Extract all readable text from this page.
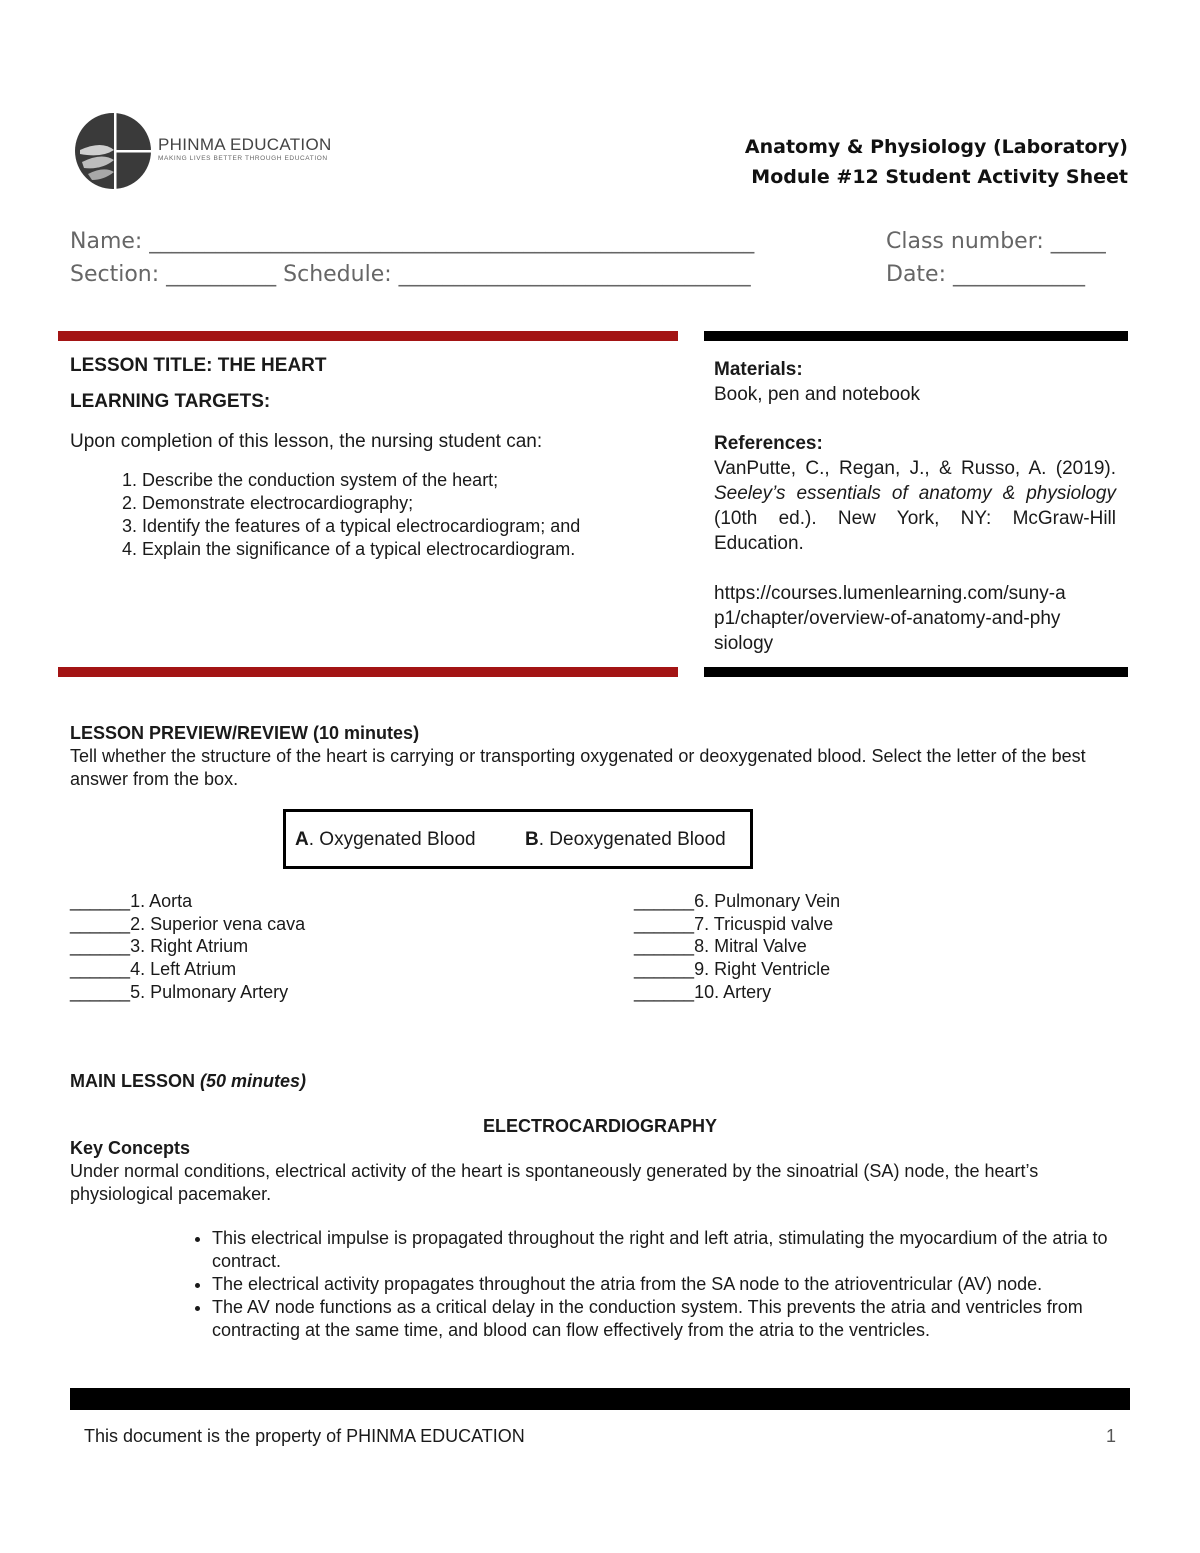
PHINMA EDUCATION
MAKING LIVES BETTER THROUGH EDUCATION
Anatomy & Physiology (Laboratory)
Module #12 Student Activity Sheet
Name: _______________________________________________________	Class number: _____
Section: __________ Schedule: ________________________________	Date: ____________

LESSON TITLE: THE HEART

LEARNING TARGETS:

Upon completion of this lesson, the nursing student can:

1. Describe the conduction system of the heart;
2. Demonstrate electrocardiography;
3. Identify the features of a typical electrocardiogram; and
4. Explain the significance of a typical electrocardiogram.
Materials:
Book, pen and notebook
References:
VanPutte, C., Regan, J., & Russo, A. (2019). Seeley’s essentials of anatomy & physiology (10th ed.). New York, NY: McGraw-Hill Education.
https://courses.lumenlearning.com/suny-a
p1/chapter/overview-of-anatomy-and-phy
siology
LESSON PREVIEW/REVIEW (10 minutes)
Tell whether the structure of the heart is carrying or transporting oxygenated or deoxygenated blood. Select the letter of the best answer from the box.
A. Oxygenated Blood	B. Deoxygenated Blood
______1. Aorta
______2. Superior vena cava
______3. Right Atrium
______4. Left Atrium
______5. Pulmonary Artery
______6. Pulmonary Vein
______7. Tricuspid valve
______8. Mitral Valve
______9. Right Ventricle
______10. Artery
MAIN LESSON (50 minutes)
ELECTROCARDIOGRAPHY
Key Concepts
Under normal conditions, electrical activity of the heart is spontaneously generated by the sinoatrial (SA) node, the heart’s physiological pacemaker.
• This electrical impulse is propagated throughout the right and left atria, stimulating the myocardium of the atria to contract.
• The electrical activity propagates throughout the atria from the SA node to the atrioventricular (AV) node.
• The AV node functions as a critical delay in the conduction system. This prevents the atria and ventricles from contracting at the same time, and blood can flow effectively from the atria to the ventricles.
This document is the property of PHINMA EDUCATION	1
